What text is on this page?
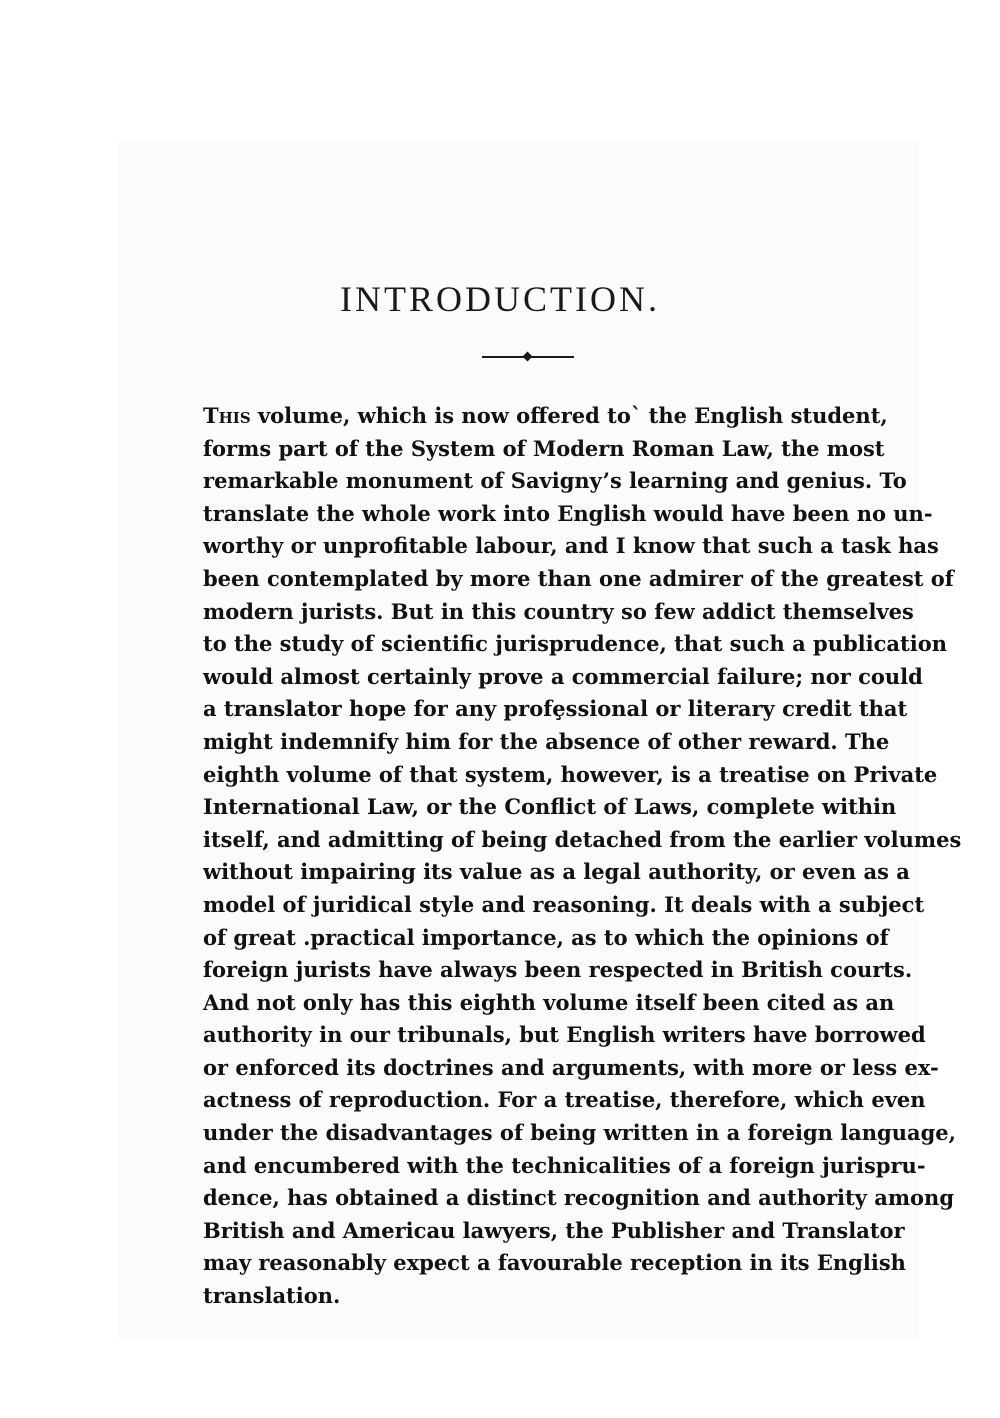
INTRODUCTION.
This volume, which is now offered toˋ the English student,
forms part of the System of Modern Roman Law, the most
remarkable monument of Savigny’s learning and genius. To
translate the whole work into English would have been no un-
worthy or unprofitable labour, and I know that such a task has
been contemplated by more than one admirer of the greatest of
modern jurists. But in this country so few addict themselves
to the study of scientific jurisprudence, that such a publication
would almost certainly prove a commercial failure; nor could
a translator hope for any profȩssional or literary credit that
might indemnify him for the absence of other reward. The
eighth volume of that system, however, is a treatise on Private
International Law, or the Conflict of Laws, complete within
itself, and admitting of being detached from the earlier volumes
without impairing its value as a legal authority, or even as a
model of juridical style and reasoning. It deals with a subject
of great .practical importance, as to which the opinions of
foreign jurists have always been respected in British courts.
And not only has this eighth volume itself been cited as an
authority in our tribunals, but English writers have borrowed
or enforced its doctrines and arguments, with more or less ex-
actness of reproduction. For a treatise, therefore, which even
under the disadvantages of being written in a foreign language,
and encumbered with the technicalities of a foreign jurispru-
dence, has obtained a distinct recognition and authority among
British and Americau lawyers, the Publisher and Translator
may reasonably expect a favourable reception in its English
translation.
